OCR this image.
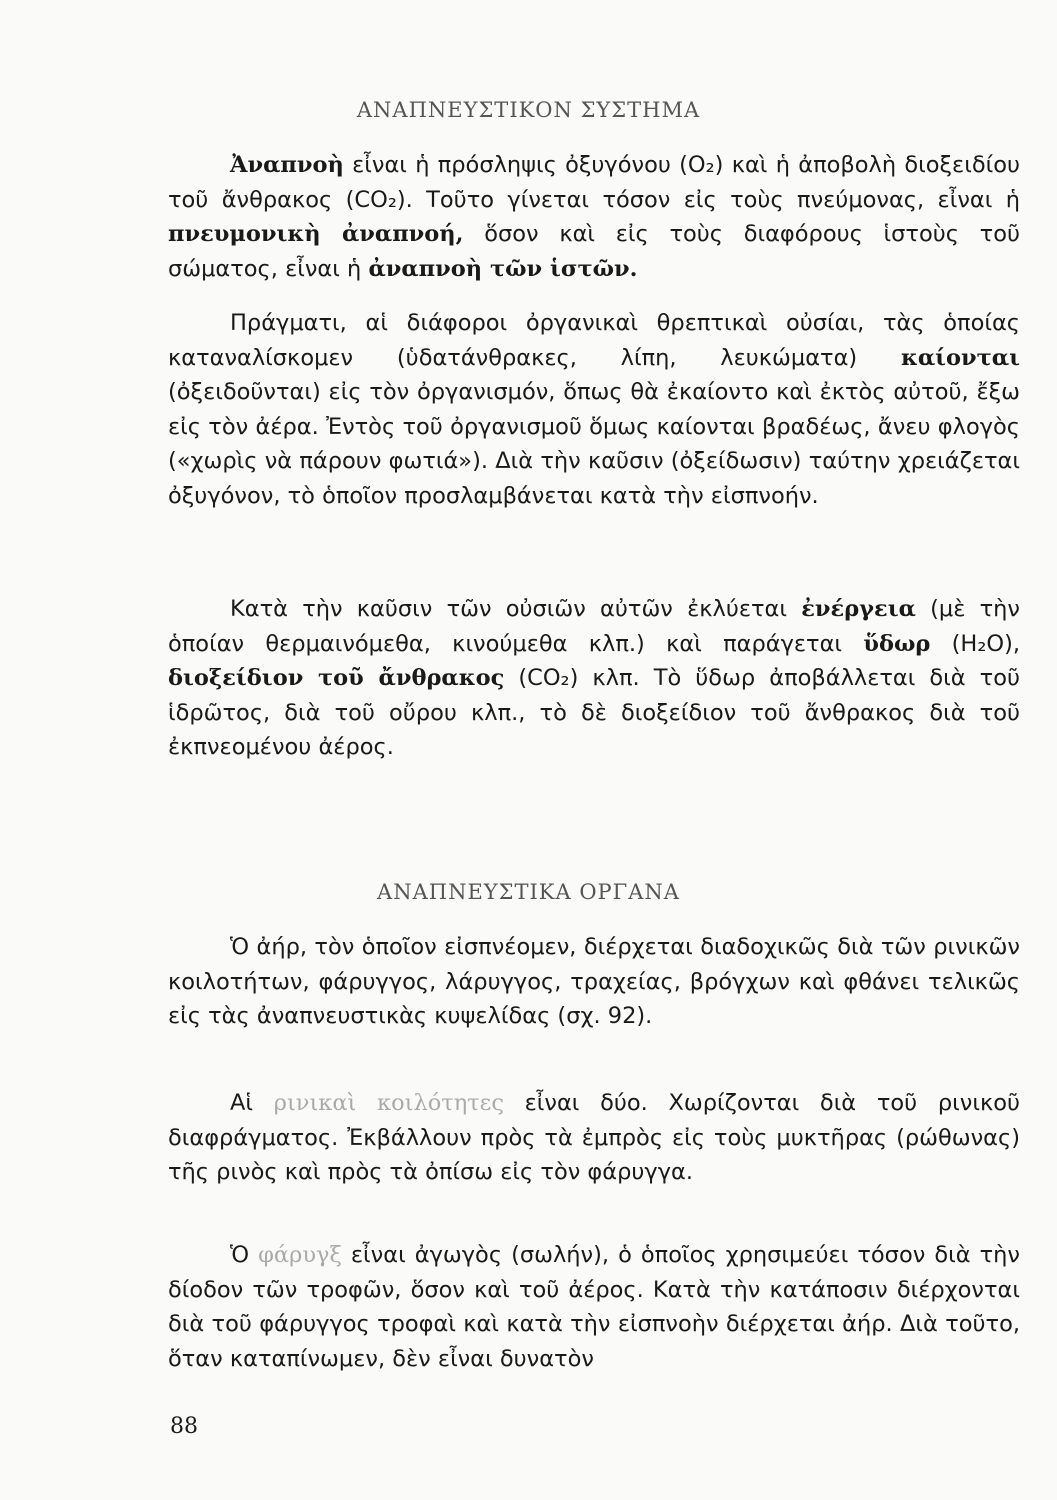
ΑΝΑΠΝΕΥΣΤΙΚΟΝ ΣΥΣΤΗΜΑ

Ἀναπνοὴ εἶναι ἡ πρόσληψις ὀξυγόνου (O₂) καὶ ἡ ἀποβολὴ διοξειδίου τοῦ ἄνθρακος (CO₂). Τοῦτο γίνεται τόσον εἰς τοὺς πνεύμονας, εἶναι ἡ πνευμονικὴ ἀναπνοή, ὅσον καὶ εἰς τοὺς διαφόρους ἱστοὺς τοῦ σώματος, εἶναι ἡ ἀναπνοὴ τῶν ἱστῶν.

Πράγματι, αἱ διάφοροι ὀργανικαὶ θρεπτικαὶ οὐσίαι, τὰς ὁποίας καταναλίσκομεν (ὑδατάνθρακες, λίπη, λευκώματα) καίονται (ὀξειδοῦνται) εἰς τὸν ὀργανισμόν, ὅπως θὰ ἐκαίοντο καὶ ἐκτὸς αὐτοῦ, ἔξω εἰς τὸν ἀέρα. Ἐντὸς τοῦ ὀργανισμοῦ ὅμως καίονται βραδέως, ἄνευ φλογὸς («χωρὶς νὰ πάρουν φωτιά»). Διὰ τὴν καῦσιν (ὀξείδωσιν) ταύτην χρειάζεται ὀξυγόνον, τὸ ὁποῖον προσλαμβάνεται κατὰ τὴν εἰσπνοήν.

Κατὰ τὴν καῦσιν τῶν οὐσιῶν αὐτῶν ἐκλύεται ἐνέργεια (μὲ τὴν ὁποίαν θερμαινόμεθα, κινούμεθα κλπ.) καὶ παράγεται ὕδωρ (H₂O), διοξείδιον τοῦ ἄνθρακος (CO₂) κλπ. Τὸ ὕδωρ ἀποβάλλεται διὰ τοῦ ἱδρῶτος, διὰ τοῦ οὔρου κλπ., τὸ δὲ διοξείδιον τοῦ ἄνθρακος διὰ τοῦ ἐκπνεομένου ἀέρος.

ΑΝΑΠΝΕΥΣΤΙΚΑ ΟΡΓΑΝΑ

Ὁ ἀήρ, τὸν ὁποῖον εἰσπνέομεν, διέρχεται διαδοχικῶς διὰ τῶν ρινικῶν κοιλοτήτων, φάρυγγος, λάρυγγος, τραχείας, βρόγχων καὶ φθάνει τελικῶς εἰς τὰς ἀναπνευστικὰς κυψελίδας (σχ. 92).

Αἱ ρινικαὶ κοιλότητες εἶναι δύο. Χωρίζονται διὰ τοῦ ρινικοῦ διαφράγματος. Ἐκβάλλουν πρὸς τὰ ἐμπρὸς εἰς τοὺς μυκτῆρας (ρώθωνας) τῆς ρινὸς καὶ πρὸς τὰ ὀπίσω εἰς τὸν φάρυγγα.

Ὁ φάρυγξ εἶναι ἀγωγὸς (σωλήν), ὁ ὁποῖος χρησιμεύει τόσον διὰ τὴν δίοδον τῶν τροφῶν, ὅσον καὶ τοῦ ἀέρος. Κατὰ τὴν κατάποσιν διέρχονται διὰ τοῦ φάρυγγος τροφαὶ καὶ κατὰ τὴν εἰσπνοὴν διέρχεται ἀήρ. Διὰ τοῦτο, ὅταν καταπίνωμεν, δὲν εἶναι δυνατὸν

88
